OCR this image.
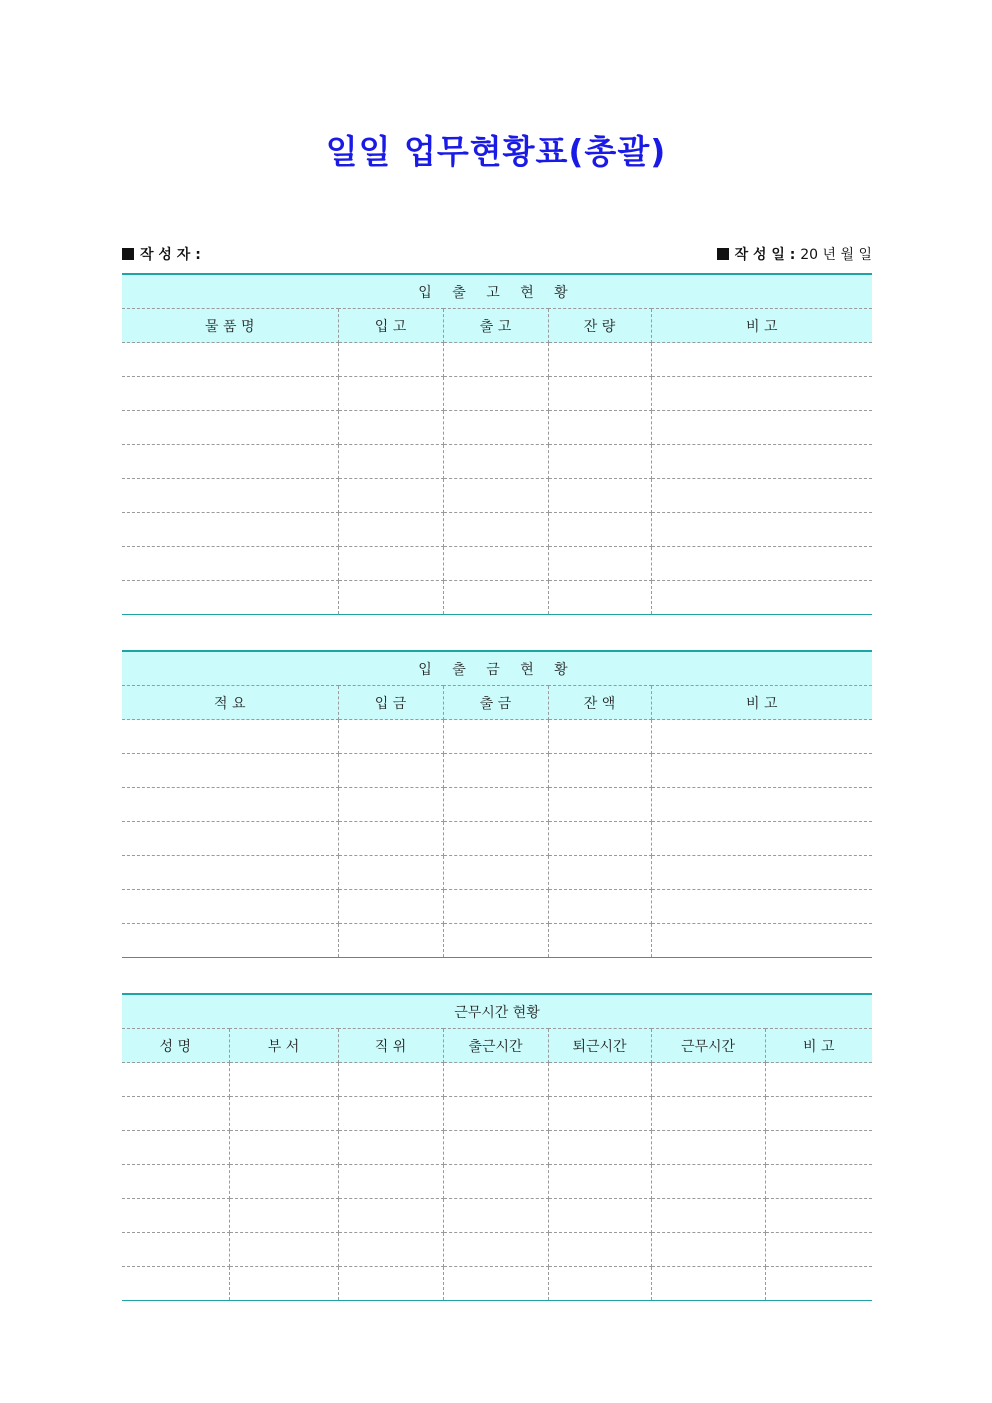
일일 업무현황표(총괄)
작 성 자 :	작 성 일 : 20 년 월 일
입 출 고 현 황				
물 품 명	입 고	출 고	잔 량	비 고

입 출 금 현 황				
적 요	입 금	출 금	잔 액	비 고

근무시간 현황						
성 명	부 서	직 위	출근시간	퇴근시간	근무시간	비 고
